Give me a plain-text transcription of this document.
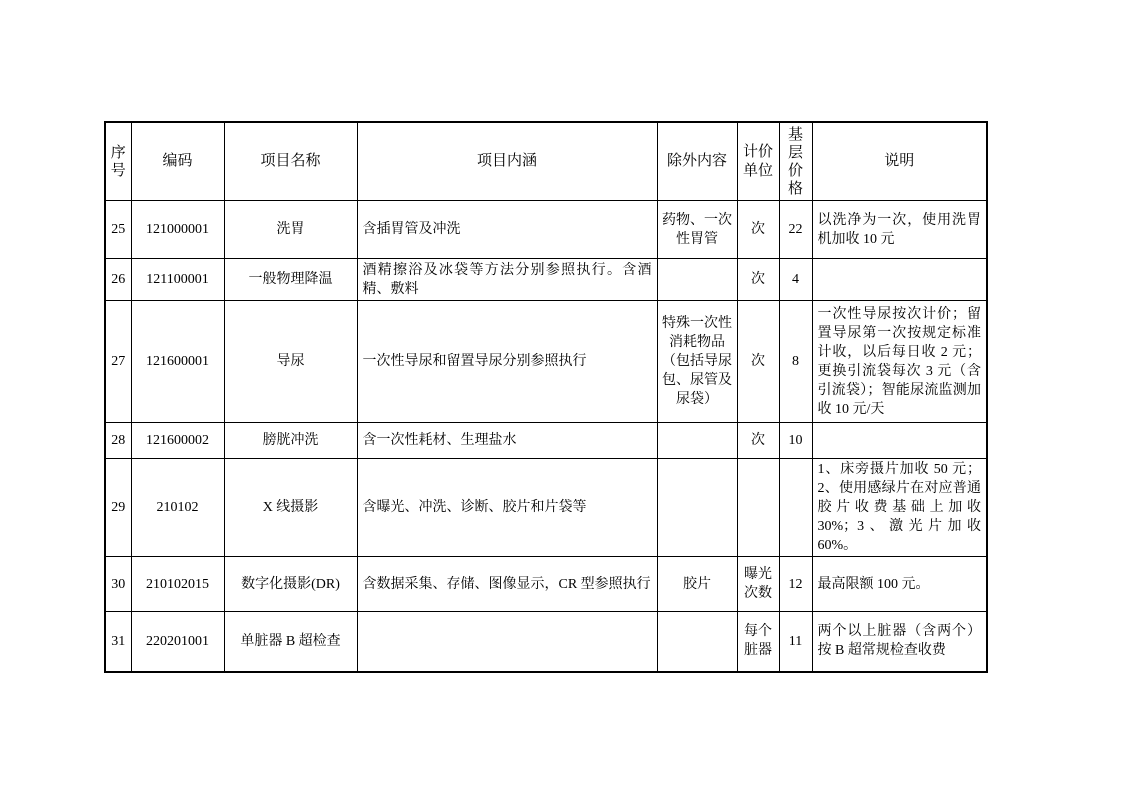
序号	编码	项目名称	项目内涵	除外内容	计价单位	基层价格	说明
25	121000001	洗胃	含插胃管及冲洗	药物、一次性胃管	次	22	以洗净为一次，使用洗胃机加收 10 元
26	121100001	一般物理降温	酒精擦浴及冰袋等方法分别参照执行。含酒精、敷料		次	4	
27	121600001	导尿	一次性导尿和留置导尿分别参照执行	特殊一次性消耗物品（包括导尿包、尿管及尿袋）	次	8	一次性导尿按次计价；留置导尿第一次按规定标准计收，以后每日收 2 元；更换引流袋每次 3 元（含引流袋）；智能尿流监测加收 10 元/天
28	121600002	膀胱冲洗	含一次性耗材、生理盐水		次	10	
29	210102	X 线摄影	含曝光、冲洗、诊断、胶片和片袋等				1、床旁摄片加收 50 元；2、使用感绿片在对应普通胶片收费基础上加收 30%；3、激光片加收 60%。
30	210102015	数字化摄影(DR)	含数据采集、存储、图像显示，CR 型参照执行	胶片	曝光次数	12	最高限额 100 元。
31	220201001	单脏器 B 超检查			每个脏器	11	两个以上脏器（含两个）按 B 超常规检查收费
